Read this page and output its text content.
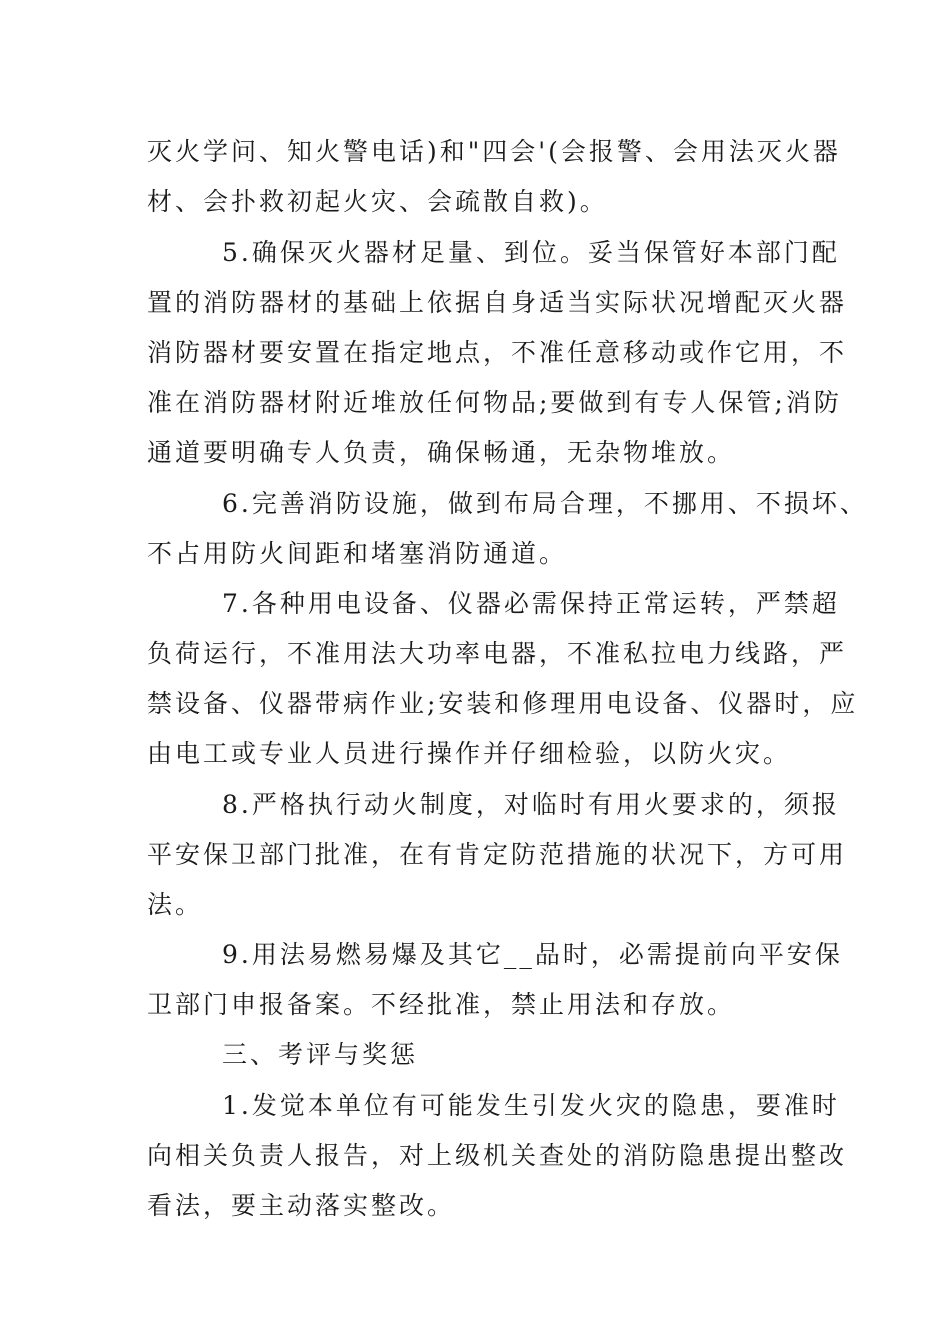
灭火学问、知火警电话)和"四会'(会报警、会用法灭火器

材、会扑救初起火灾、会疏散自救)。

5.确保灭火器材足量、到位。妥当保管好本部门配

置的消防器材的基础上依据自身适当实际状况增配灭火器

消防器材要安置在指定地点，不准任意移动或作它用，不

准在消防器材附近堆放任何物品;要做到有专人保管;消防

通道要明确专人负责，确保畅通，无杂物堆放。

6.完善消防设施，做到布局合理，不挪用、不损坏、

不占用防火间距和堵塞消防通道。

7.各种用电设备、仪器必需保持正常运转，严禁超

负荷运行，不准用法大功率电器，不准私拉电力线路，严

禁设备、仪器带病作业;安装和修理用电设备、仪器时，应

由电工或专业人员进行操作并仔细检验，以防火灾。

8.严格执行动火制度，对临时有用火要求的，须报

平安保卫部门批准，在有肯定防范措施的状况下，方可用

法。

9.用法易燃易爆及其它__品时，必需提前向平安保

卫部门申报备案。不经批准，禁止用法和存放。

三、考评与奖惩

1.发觉本单位有可能发生引发火灾的隐患，要准时

向相关负责人报告，对上级机关查处的消防隐患提出整改

看法，要主动落实整改。
